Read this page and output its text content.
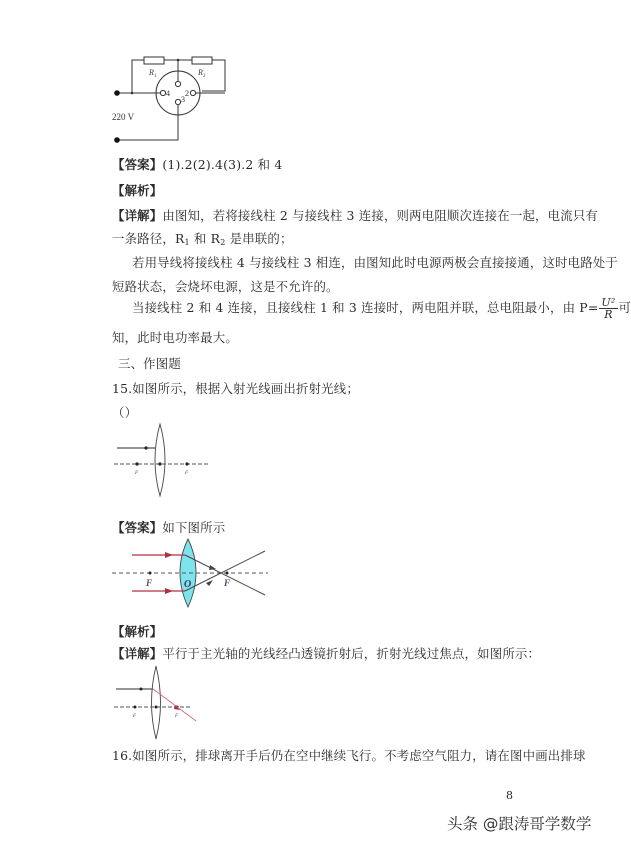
R 1	R 2
4 2
3
220 V
【答案】(1).2(2).4(3).2 和 4
【解析】
【详解】由图知，若将接线柱 2 与接线柱 3 连接，则两电阻顺次连接在一起，电流只有
一条路径，$R_1$ 和 $R_2$ 是串联的；
若用导线将接线柱 4 与接线柱 3 相连，由图知此时电源两极会直接接通，这时电路处于
短路状态，会烧坏电源，这是不允许的。
当接线柱 2 和 4 连接，且接线柱 1 和 3 连接时，两电阻并联，总电阻最小，由 $P= \frac{\text{U²}}{R}$ 可
知，此时电功率最大。
三、作图题
15.如图所示，根据入射光线画出折射光线；
（）
F	F
【答案】如下图所示
F	O	F
【解析】
【详解】平行于主光轴的光线经凸透镜折射后，折射光线过焦点，如图所示：
F	F
16.如图所示，排球离开手后仍在空中继续飞行。不考虑空气阻力，请在图中画出排球
8
头条 @跟涛哥学数学
